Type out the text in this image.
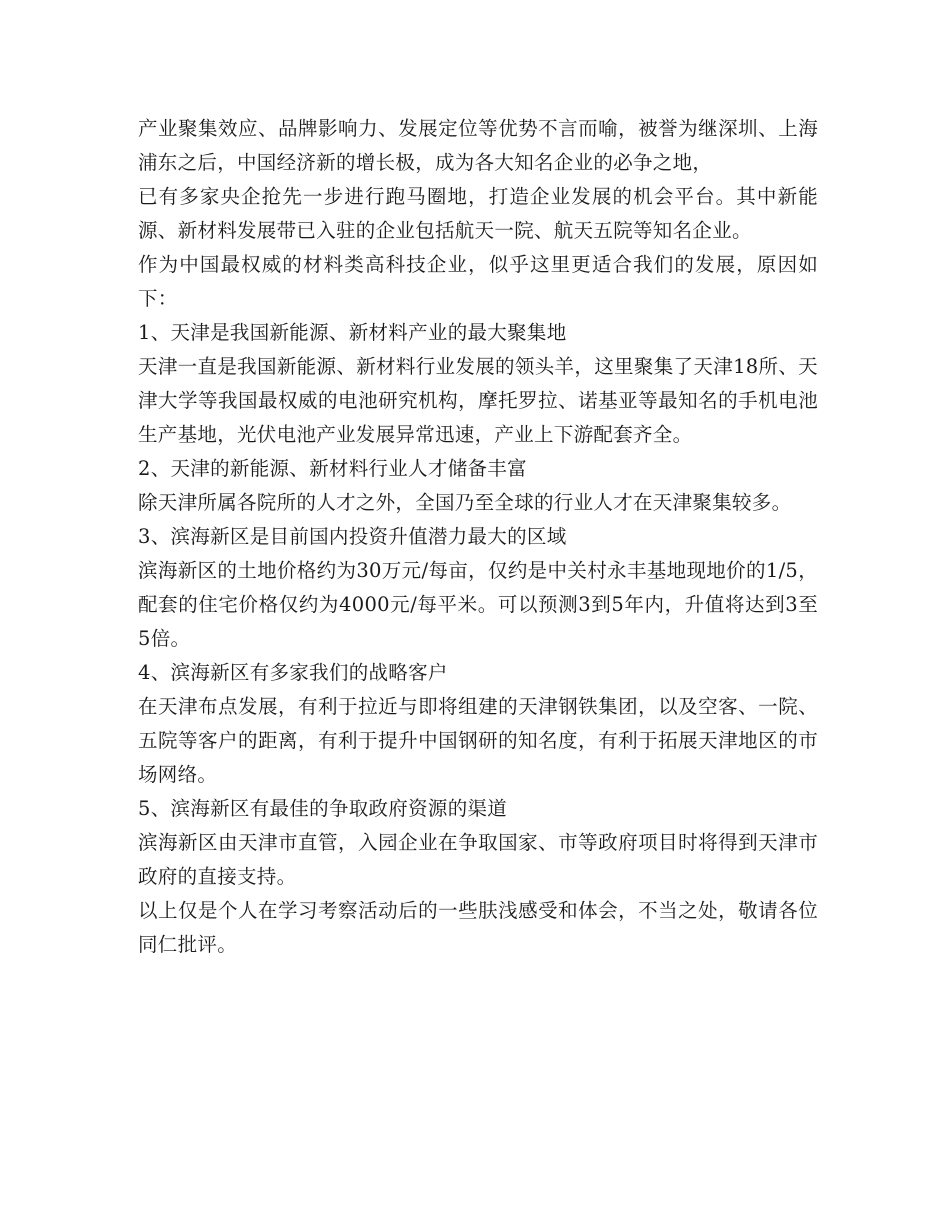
产业聚集效应、品牌影响力、发展定位等优势不言而喻，被誉为继深圳、上海浦东之后，中国经济新的增长极，成为各大知名企业的必争之地，

已有多家央企抢先一步进行跑马圈地，打造企业发展的机会平台。其中新能源、新材料发展带已入驻的企业包括航天一院、航天五院等知名企业。

作为中国最权威的材料类高科技企业，似乎这里更适合我们的发展，原因如下：

1、天津是我国新能源、新材料产业的最大聚集地

天津一直是我国新能源、新材料行业发展的领头羊，这里聚集了天津18所、天津大学等我国最权威的电池研究机构，摩托罗拉、诺基亚等最知名的手机电池生产基地，光伏电池产业发展异常迅速，产业上下游配套齐全。

2、天津的新能源、新材料行业人才储备丰富

除天津所属各院所的人才之外，全国乃至全球的行业人才在天津聚集较多。

3、滨海新区是目前国内投资升值潜力最大的区域

滨海新区的土地价格约为30万元/每亩，仅约是中关村永丰基地现地价的1/5，配套的住宅价格仅约为4000元/每平米。可以预测3到5年内，升值将达到3至5倍。

4、滨海新区有多家我们的战略客户

在天津布点发展，有利于拉近与即将组建的天津钢铁集团，以及空客、一院、五院等客户的距离，有利于提升中国钢研的知名度，有利于拓展天津地区的市场网络。

5、滨海新区有最佳的争取政府资源的渠道

滨海新区由天津市直管，入园企业在争取国家、市等政府项目时将得到天津市政府的直接支持。

以上仅是个人在学习考察活动后的一些肤浅感受和体会，不当之处，敬请各位同仁批评。
